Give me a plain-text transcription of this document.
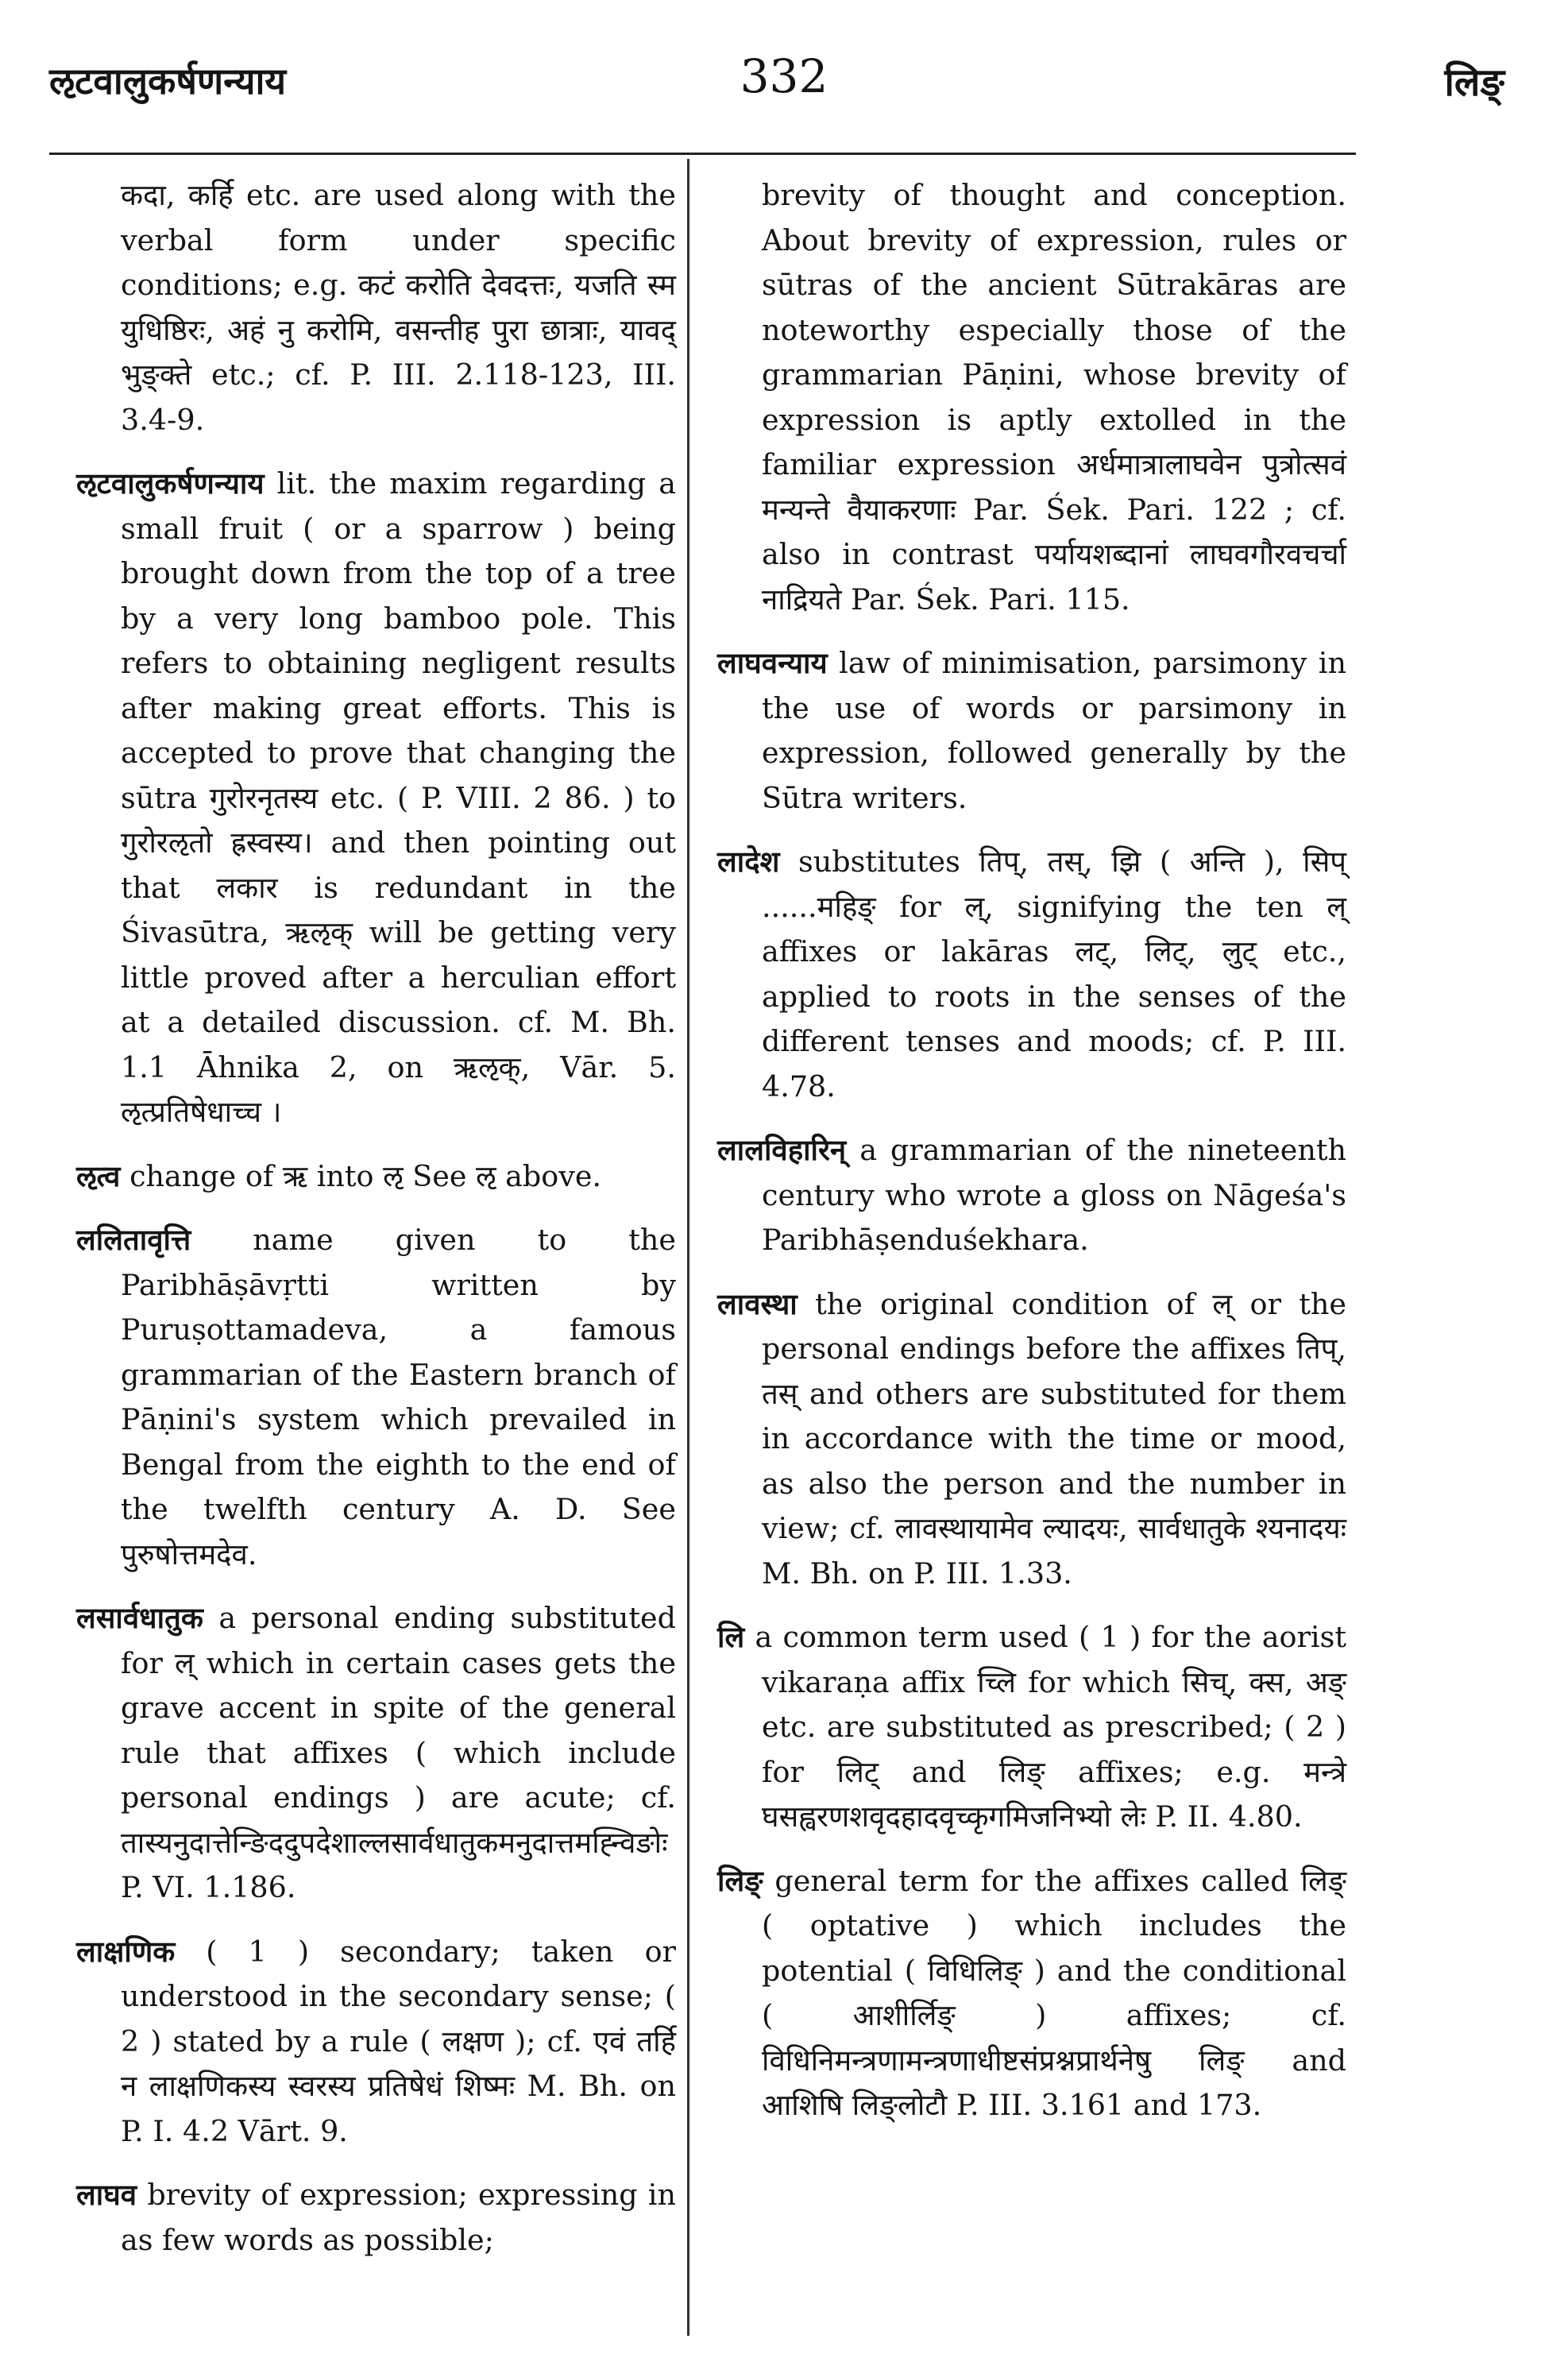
ऌटवालुकर्षणन्याय	332	लिङ्

कदा, कर्हि etc. are used along with the verbal form under specific conditions; e.g. कटं करोति देवदत्तः, यजति स्म युधिष्ठिरः, अहं नु करोमि, वसन्तीह पुरा छात्राः, यावद् भुङ्क्ते etc.; cf. P. III. 2.118-123, III. 3.4-9.

ऌटवालुकर्षणन्याय lit. the maxim regarding a small fruit ( or a sparrow ) being brought down from the top of a tree by a very long bamboo pole. This refers to obtaining negligent results after making great efforts. This is accepted to prove that changing the sūtra गुरोरनृतस्य etc. ( P. VIII. 2 86. ) to गुरोरऌतो ह्रस्वस्य। and then pointing out that लकार is redundant in the Śivasūtra, ऋऌक् will be getting very little proved after a herculian effort at a detailed discussion. cf. M. Bh. 1.1 Āhnika 2, on ऋऌक्, Vār. 5. ऌत्प्रतिषेधाच्च ।

ऌत्व change of ऋ into ऌ See ऌ above.

ललितावृत्ति name given to the Paribhāṣāvṛtti written by Puruṣottamadeva, a famous grammarian of the Eastern branch of Pāṇini's system which prevailed in Bengal from the eighth to the end of the twelfth century A. D. See पुरुषोत्तमदेव.

लसार्वधातुक a personal ending substituted for ल् which in certain cases gets the grave accent in spite of the general rule that affixes ( which include personal endings ) are acute; cf. तास्यनुदात्तेन्ङिददुपदेशाल्लसार्वधातुकमनुदात्तमह्न्विङोः P. VI. 1.186.

लाक्षणिक ( 1 ) secondary; taken or understood in the secondary sense; ( 2 ) stated by a rule ( लक्षण ); cf. एवं तर्हि न लाक्षणिकस्य स्वरस्य प्रतिषेधं शिष्मः M. Bh. on P. I. 4.2 Vārt. 9.

लाघव brevity of expression; expressing in as few words as possible;

brevity of thought and conception. About brevity of expression, rules or sūtras of the ancient Sūtrakāras are noteworthy especially those of the grammarian Pāṇini, whose brevity of expression is aptly extolled in the familiar expression अर्धमात्रालाघवेन पुत्रोत्सवं मन्यन्ते वैयाकरणाः Par. Śek. Pari. 122 ; cf. also in contrast पर्यायशब्दानां लाघवगौरवचर्चा नाद्रियते Par. Śek. Pari. 115.

लाघवन्याय law of minimisation, parsimony in the use of words or parsimony in expression, followed generally by the Sūtra writers.

लादेश substitutes तिप्, तस्, झि ( अन्ति ), सिप् ......महिङ् for ल्, signifying the ten ल् affixes or lakāras लट्, लिट्, लुट् etc., applied to roots in the senses of the different tenses and moods; cf. P. III. 4.78.

लालविहारिन् a grammarian of the nineteenth century who wrote a gloss on Nāgeśa's Paribhāṣenduśekhara.

लावस्था the original condition of ल् or the personal endings before the affixes तिप्, तस् and others are substituted for them in accordance with the time or mood, as also the person and the number in view; cf. लावस्थायामेव ल्यादयः, सार्वधातुके श्यनादयः M. Bh. on P. III. 1.33.

लि a common term used ( 1 ) for the aorist vikaraṇa affix च्लि for which सिच्, क्स, अङ् etc. are substituted as prescribed; ( 2 ) for लिट् and लिङ् affixes; e.g. मन्त्रे घसह्वरणशवृदहादवृच्कृगमिजनिभ्यो लेः P. II. 4.80.

लिङ् general term for the affixes called लिङ् ( optative ) which includes the potential ( विधिलिङ् ) and the conditional ( आशीर्लिङ् ) affixes; cf. विधिनिमन्त्रणामन्त्रणाधीष्टसंप्रश्नप्रार्थनेषु लिङ् and आशिषि लिङ्लोटौ P. III. 3.161 and 173.
